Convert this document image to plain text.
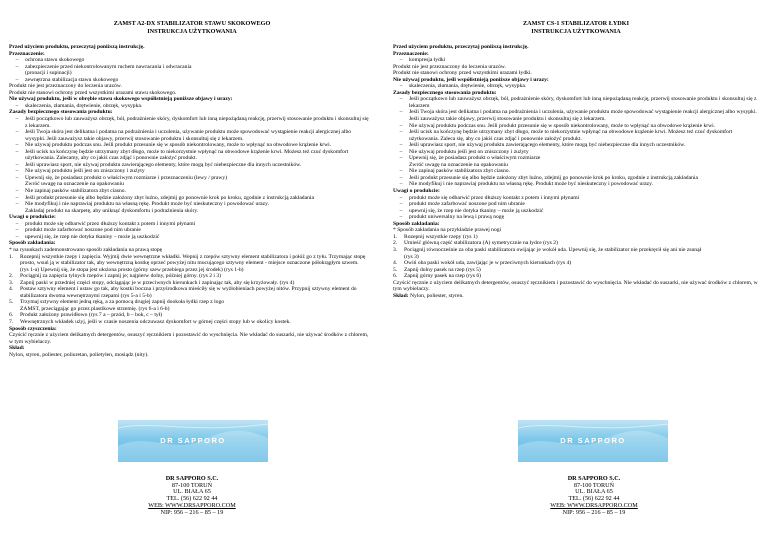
ZAMST A2-DX STABILIZATOR STAWU SKOKOWEGO
INSTRUKCJA UŻYTKOWANIA

Przed użyciem produktu, przeczytaj poniższą instrukcję.

Przeznaczenie:

–	ochrona stawu skokowego
–	zabezpieczenie przed niekontrolowanym ruchem nawracania i odwracania
(pronacji i supinacji)
–	zewnętrzna stabilizacja stawu skokowego

Produkt nie jest przeznaczony do leczenia urazów.

Produkt nie stanowi ochrony przed wszystkimi urazami stawu skokowego.

Nie używaj produktu, jeśli w obrębie stawu skokowego współistnieją poniższe objawy i urazy:

–	skaleczenia, złamania, drętwienie, obrzęk, wysypka.

Zasady bezpiecznego stosowania produktu:

–	Jeśli początkowo lub zauważysz obrzęk, ból, podrażnienie skóry, dyskomfort lub inną niepożądaną reakcję, przerwij stosowanie produktu i skonsultuj się z lekarzem.
–	Jeśli Twoja skóra jest delikatna i podatna na podrażnienia i uczulenia, używanie produktu może spowodować wystąpienie reakcji alergicznej albo wysypki. Jeśli zauważysz takie objawy, przerwij stosowanie produktu i skonsultuj się z lekarzem.
–	Nie używaj produktu podczas snu. Jeśli produkt przesunie się w sposób niekontrolowany, może to wpłynąć na obwodowe krążenie krwi.
–	Jeśli ucisk na kończynę będzie utrzymany zbyt długo, może to niekorzystnie wpłynąć na obwodowe krążenie krwi. Możesz też czuć dyskomfort użytkowania. Zalecamy, aby co jakiś czas zdjąć i ponownie założyć produkt.
–	Jeśli uprawiasz sport, nie używaj produktu zawierającego elementy, które mogą być niebezpieczne dla innych uczestników.
–	Nie używaj produktu jeśli jest on zniszczony i zużyty
–	Upewnij się, że posiadasz produkt o właściwym rozmiarze i przeznaczeniu (lewy / prawy)
Zwróć uwagę na oznaczenie na opakowaniu
–	Nie zapinaj pasków stabilizatora zbyt ciasno.
–	Jeśli produkt przesunie się albo będzie założony zbyt luźno, zdejmij go ponownie krok po kroku, zgodnie z instrukcją zakładania
–	Nie modyfikuj i nie naprawiaj produktu na własną rękę. Produkt może być nieskuteczny i powodować urazy.
Zakładaj produkt na skarpetę, aby uniknąć dyskomfortu i podrażnienia skóry.

Uwagi o produkcie:

–	produkt może się odbarwić przez dłuższy kontakt z potem i innymi płynami
–	produkt może zafarbować noszone pod nim ubranie
–	upewnij się, że rzep nie dotyka tkaniny – może ją uszkodzić

Sposób zakładania:

* na rysunkach zademonstrowano sposób zakładania na prawą stopę

1.	Rozepnij wszystkie rzepy i zapięcia. Wyjmij dwie wewnętrzne wkładki. Wepnij z rzepów sztywny element stabilizatora i połóż go z tyłu. Trzymając stopę prosto, wsuń ją w stabilizator tak, aby wewnętrzną kostkę oprzeć powyżej nitu mocującego sztywny element - miejsce oznaczone półokrągłym szwem.
(rys 1-a) Upewnij się, że stopa jest ułożona prosto (górny szew przebiega przez jej środek) (rys 1-b)
2.	Pociągnij za zapięcia tylnych rzepów i zapnij je; najpierw dolny, później górny. (rys 2 i 3)
3.	Zapnij paski w przedniej części stopy, odciągając je w przeciwnych kierunkach i zapinając tak, aby się krzyżowały. (rys 4)
4.	Postaw sztywny element i ustaw go tak, aby kostki boczna i przyśrodkowa mieściły się w wyżłobieniach powyżej nitów. Przypnij sztywny element do stabilizatora dwoma wewnętrznymi rzepami (rys 5-a i 5-b)
5.	Trzymaj sztywny element jedną ręką, a za pomocą drugiej zapnij dookoła łydki rzep z logo
ZAMST, przeciągając go przez plastikowe strzemię. (rys 6-a i 6-b)
6.	Produkt założony prawidłowo (rys 7 a – przód, b – bok, c – tył)
7.	Wewnętrznych wkładek użyj, jeśli w czasie noszenia odczuwasz dyskomfort w górnej części stopy lub w okolicy kostek.

Sposób czyszczenia:

Czyścić ręcznie z użyciem delikatnych detergentów, osuszyć ręcznikiem i pozostawić do wyschnięcia. Nie wkładać do suszarki, nie używać środków z chlorem, w tym wybielaczy.

Skład:

Nylon, styren, poliester, poliuretan, polietylen, mosiądz (nity).

DR SAPPORO
DR SAPPORO S.C.
87-100 TORUŃ
UL. BIAŁA 65
TEL. (56) 622 92 44
WEB: WWW.DRSAPPORO.COM
NIP: 956 – 216 – 85 – 19
ZAMST CS-1 STABILIZATOR ŁYDKI
INSTRUKCJA UŻYTKOWANIA

Przed użyciem produktu, przeczytaj poniższą instrukcję.

Przeznaczenie:

–	kompresja łydki

Produkt nie jest przeznaczony do leczenia urazów.

Produkt nie stanowi ochrony przed wszystkimi urazami łydki.

Nie używaj produktu, jeśli współistnieją poniższe objawy i urazy:

–	skaleczenia, złamania, drętwienie, obrzęk, wysypka.

Zasady bezpiecznego stosowania produktu:

–	Jeśli początkowo lub zauważysz obrzęk, ból, podrażnienie skóry, dyskomfort lub inną niepożądaną reakcję, przerwij stosowanie produktu i skonsultuj się z lekarzem
–	Jeśli Twoja skóra jest delikatna i podatna na podrażnienia i uczulenia, używanie produktu może spowodować wystąpienie reakcji alergicznej albo wysypki. Jeśli zauważysz takie objawy, przerwij stosowanie produktu i skonsultuj się z lekarzem.
–	Nie używaj produktu podczas snu. Jeśli produkt przesunie się w sposób niekontrolowany, może to wpłynąć na obwodowe krążenie krwi.
–	Jeśli ucisk na kończynę będzie utrzymany zbyt długo, może to niekorzystnie wpłynąć na obwodowe krążenie krwi. Możesz też czuć dyskomfort użytkowania. Zaleca się, aby co jakiś czas zdjąć i ponownie założyć produkt.
–	Jeśli uprawiasz sport, nie używaj produktu zawierającego elementy, które mogą być niebezpieczne dla innych uczestników.
–	Nie używaj produktu jeśli jest on zniszczony i zużyty
–	Upewnij się, że posiadasz produkt o właściwym rozmiarze
Zwróć uwagę na oznaczenie na opakowaniu
–	Nie zapinaj pasków stabilizatora zbyt ciasno.
–	Jeśli produkt przesunie się albo będzie założony zbyt luźno, zdejmij go ponownie krok po kroku, zgodnie z instrukcją zakładania
–	Nie modyfikuj i nie naprawiaj produktu na własną rękę. Produkt może być nieskuteczny i powodować urazy.

Uwagi o produkcie:

–	produkt może się odbarwić przez dłuższy kontakt z potem i innymi płynami
–	produkt może zafarbować noszone pod nim ubranie
–	upewnij się, że rzep nie dotyka tkaniny – może ją uszkodzić
–	produkt uniwersalny na lewą i prawą nogę

Sposób zakładania:

* Sposób zakładania na przykładzie prawej nogi

1.	Rozepnij wszystkie rzepy (rys 1)
2.	Umieść główną część stabilizatora (A) symetrycznie na łydce (rys 2)
3.	Pociągnij równocześnie za oba paski stabilizatora owijając je wokół uda. Upewnij się, że stabilizator nie przekręcił się ani nie zsunął
(rys 3)
4.	Owiń oba paski wokół uda, zawijając je w przeciwnych kierunkach (rys 4)
5.	Zapnij dolny pasek na rzep (rys 5)
6.	Zapnij górny pasek na rzep (rys 6)

Czyścić ręcznie z użyciem delikatnych detergentów, osuszyć ręcznikiem i pozostawić do wyschnięcia. Nie wkładać do suszarki, nie używać środków z chlorem, w tym wybielaczy.

Skład: Nylon, poliester, styren.

DR SAPPORO
DR SAPPORO S.C.
87-100 TORUŃ
UL. BIAŁA 65
TEL. (56) 622 92 44
WEB: WWW.DRSAPPORO.COM
NIP: 956 – 216 – 85 – 19
